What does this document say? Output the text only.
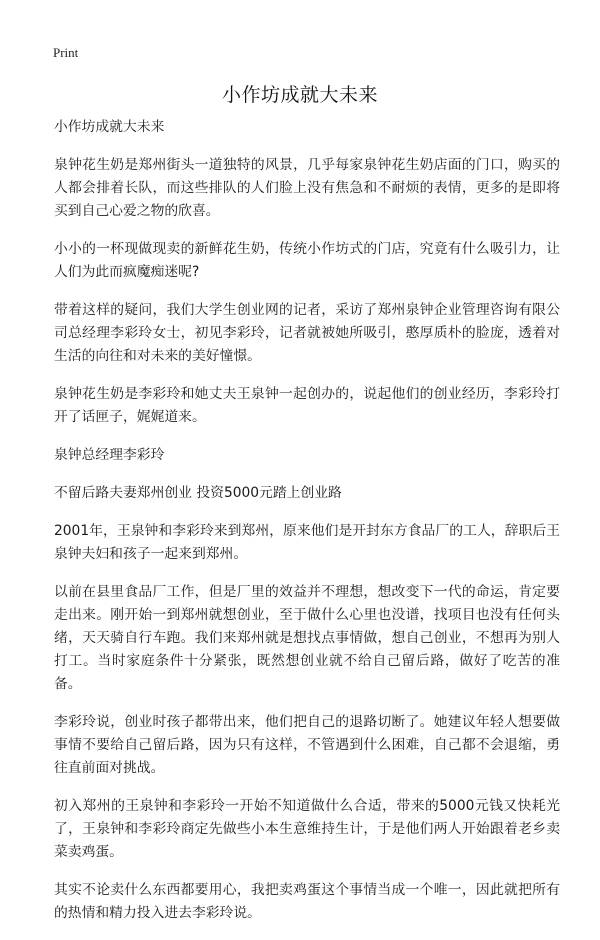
Print
小作坊成就大未来

小作坊成就大未来

泉钟花生奶是郑州街头一道独特的风景，几乎每家泉钟花生奶店面的门口，购买的人都会排着长队，而这些排队的人们脸上没有焦急和不耐烦的表情，更多的是即将买到自己心爱之物的欣喜。

小小的一杯现做现卖的新鲜花生奶，传统小作坊式的门店，究竟有什么吸引力，让人们为此而疯魔痴迷呢?

带着这样的疑问，我们大学生创业网的记者，采访了郑州泉钟企业管理咨询有限公司总经理李彩玲女士，初见李彩玲，记者就被她所吸引，憨厚质朴的脸庞，透着对生活的向往和对未来的美好憧憬。

泉钟花生奶是李彩玲和她丈夫王泉钟一起创办的，说起他们的创业经历，李彩玲打开了话匣子，娓娓道来。

泉钟总经理李彩玲

不留后路夫妻郑州创业 投资5000元踏上创业路

2001年，王泉钟和李彩玲来到郑州，原来他们是开封东方食品厂的工人，辞职后王泉钟夫妇和孩子一起来到郑州。

以前在县里食品厂工作，但是厂里的效益并不理想，想改变下一代的命运，肯定要走出来。刚开始一到郑州就想创业，至于做什么心里也没谱，找项目也没有任何头绪，天天骑自行车跑。我们来郑州就是想找点事情做，想自己创业，不想再为别人打工。当时家庭条件十分紧张，既然想创业就不给自己留后路，做好了吃苦的准备。

李彩玲说，创业时孩子都带出来，他们把自己的退路切断了。她建议年轻人想要做事情不要给自己留后路，因为只有这样，不管遇到什么困难，自己都不会退缩，勇往直前面对挑战。

初入郑州的王泉钟和李彩玲一开始不知道做什么合适，带来的5000元钱又快耗光了，王泉钟和李彩玲商定先做些小本生意维持生计，于是他们两人开始跟着老乡卖菜卖鸡蛋。

其实不论卖什么东西都要用心，我把卖鸡蛋这个事情当成一个唯一，因此就把所有的热情和精力投入进去李彩玲说。
